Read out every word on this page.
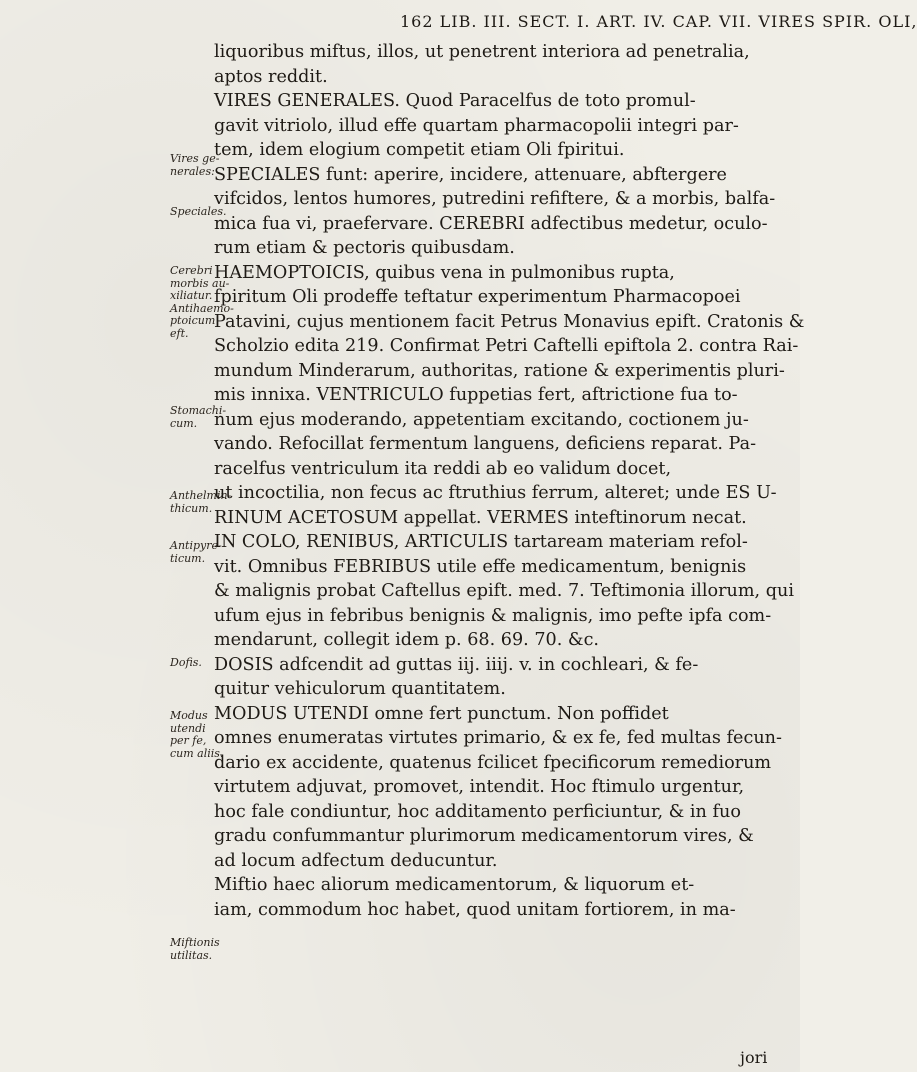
162 LIB. III. SECT. I. ART. IV. CAP. VII. VIRES SPIR. OLI,
Vires ge-
nerales:
Speciales.
Cerebri
morbis au-
xiliatur.
Antihaemo-
ptoicum eft.
Stomachi-
cum.
Anthelmin-
thicum.
Antipyre-
ticum.
Dofis.
Modus
utendi
per fe,
cum aliis.
Miftionis
utilitas.
liquoribus miftus, illos, ut penetrent interiora ad penetralia,
aptos reddit.
VIRES GENERALES. Quod Paracelfus de toto promul-
gavit vitriolo, illud effe quartam pharmacopolii integri par-
tem, idem elogium competit etiam Oli fpiritui.
SPECIALES funt: aperire, incidere, attenuare, abftergere
vifcidos, lentos humores, putredini refiftere, & a morbis, balfa-
mica fua vi, praefervare. CEREBRI adfectibus medetur, oculo-
rum etiam & pectoris quibusdam.
HAEMOPTOICIS, quibus vena in pulmonibus rupta,
fpiritum Oli prodeffe teftatur experimentum Pharmacopoei
Patavini, cujus mentionem facit Petrus Monavius epift. Cratonis &
Scholzio edita 219. Confirmat Petri Caftelli epiftola 2. contra Rai-
mundum Minderarum, authoritas, ratione & experimentis pluri-
mis innixa. VENTRICULO fuppetias fert, aftrictione fua to-
num ejus moderando, appetentiam excitando, coctionem ju-
vando. Refocillat fermentum languens, deficiens reparat. Pa-
racelfus ventriculum ita reddi ab eo validum docet,
ut incoctilia, non fecus ac ftruthius ferrum, alteret; unde ES U-
RINUM ACETOSUM appellat. VERMES inteftinorum necat.
IN COLO, RENIBUS, ARTICULIS tartaream materiam refol-
vit. Omnibus FEBRIBUS utile effe medicamentum, benignis
& malignis probat Caftellus epift. med. 7. Teftimonia illorum, qui
ufum ejus in febribus benignis & malignis, imo pefte ipfa com-
mendarunt, collegit idem p. 68. 69. 70. &c.
DOSIS adfcendit ad guttas iij. iiij. v. in cochleari, & fe-
quitur vehiculorum quantitatem.
MODUS UTENDI omne fert punctum. Non poffidet
omnes enumeratas virtutes primario, & ex fe, fed multas fecun-
dario ex accidente, quatenus fcilicet fpecificorum remediorum
virtutem adjuvat, promovet, intendit. Hoc ftimulo urgentur,
hoc fale condiuntur, hoc additamento perficiuntur, & in fuo
gradu confummantur plurimorum medicamentorum vires, &
ad locum adfectum deducuntur.
Miftio haec aliorum medicamentorum, & liquorum et-
iam, commodum hoc habet, quod unitam fortiorem, in ma-
jori
